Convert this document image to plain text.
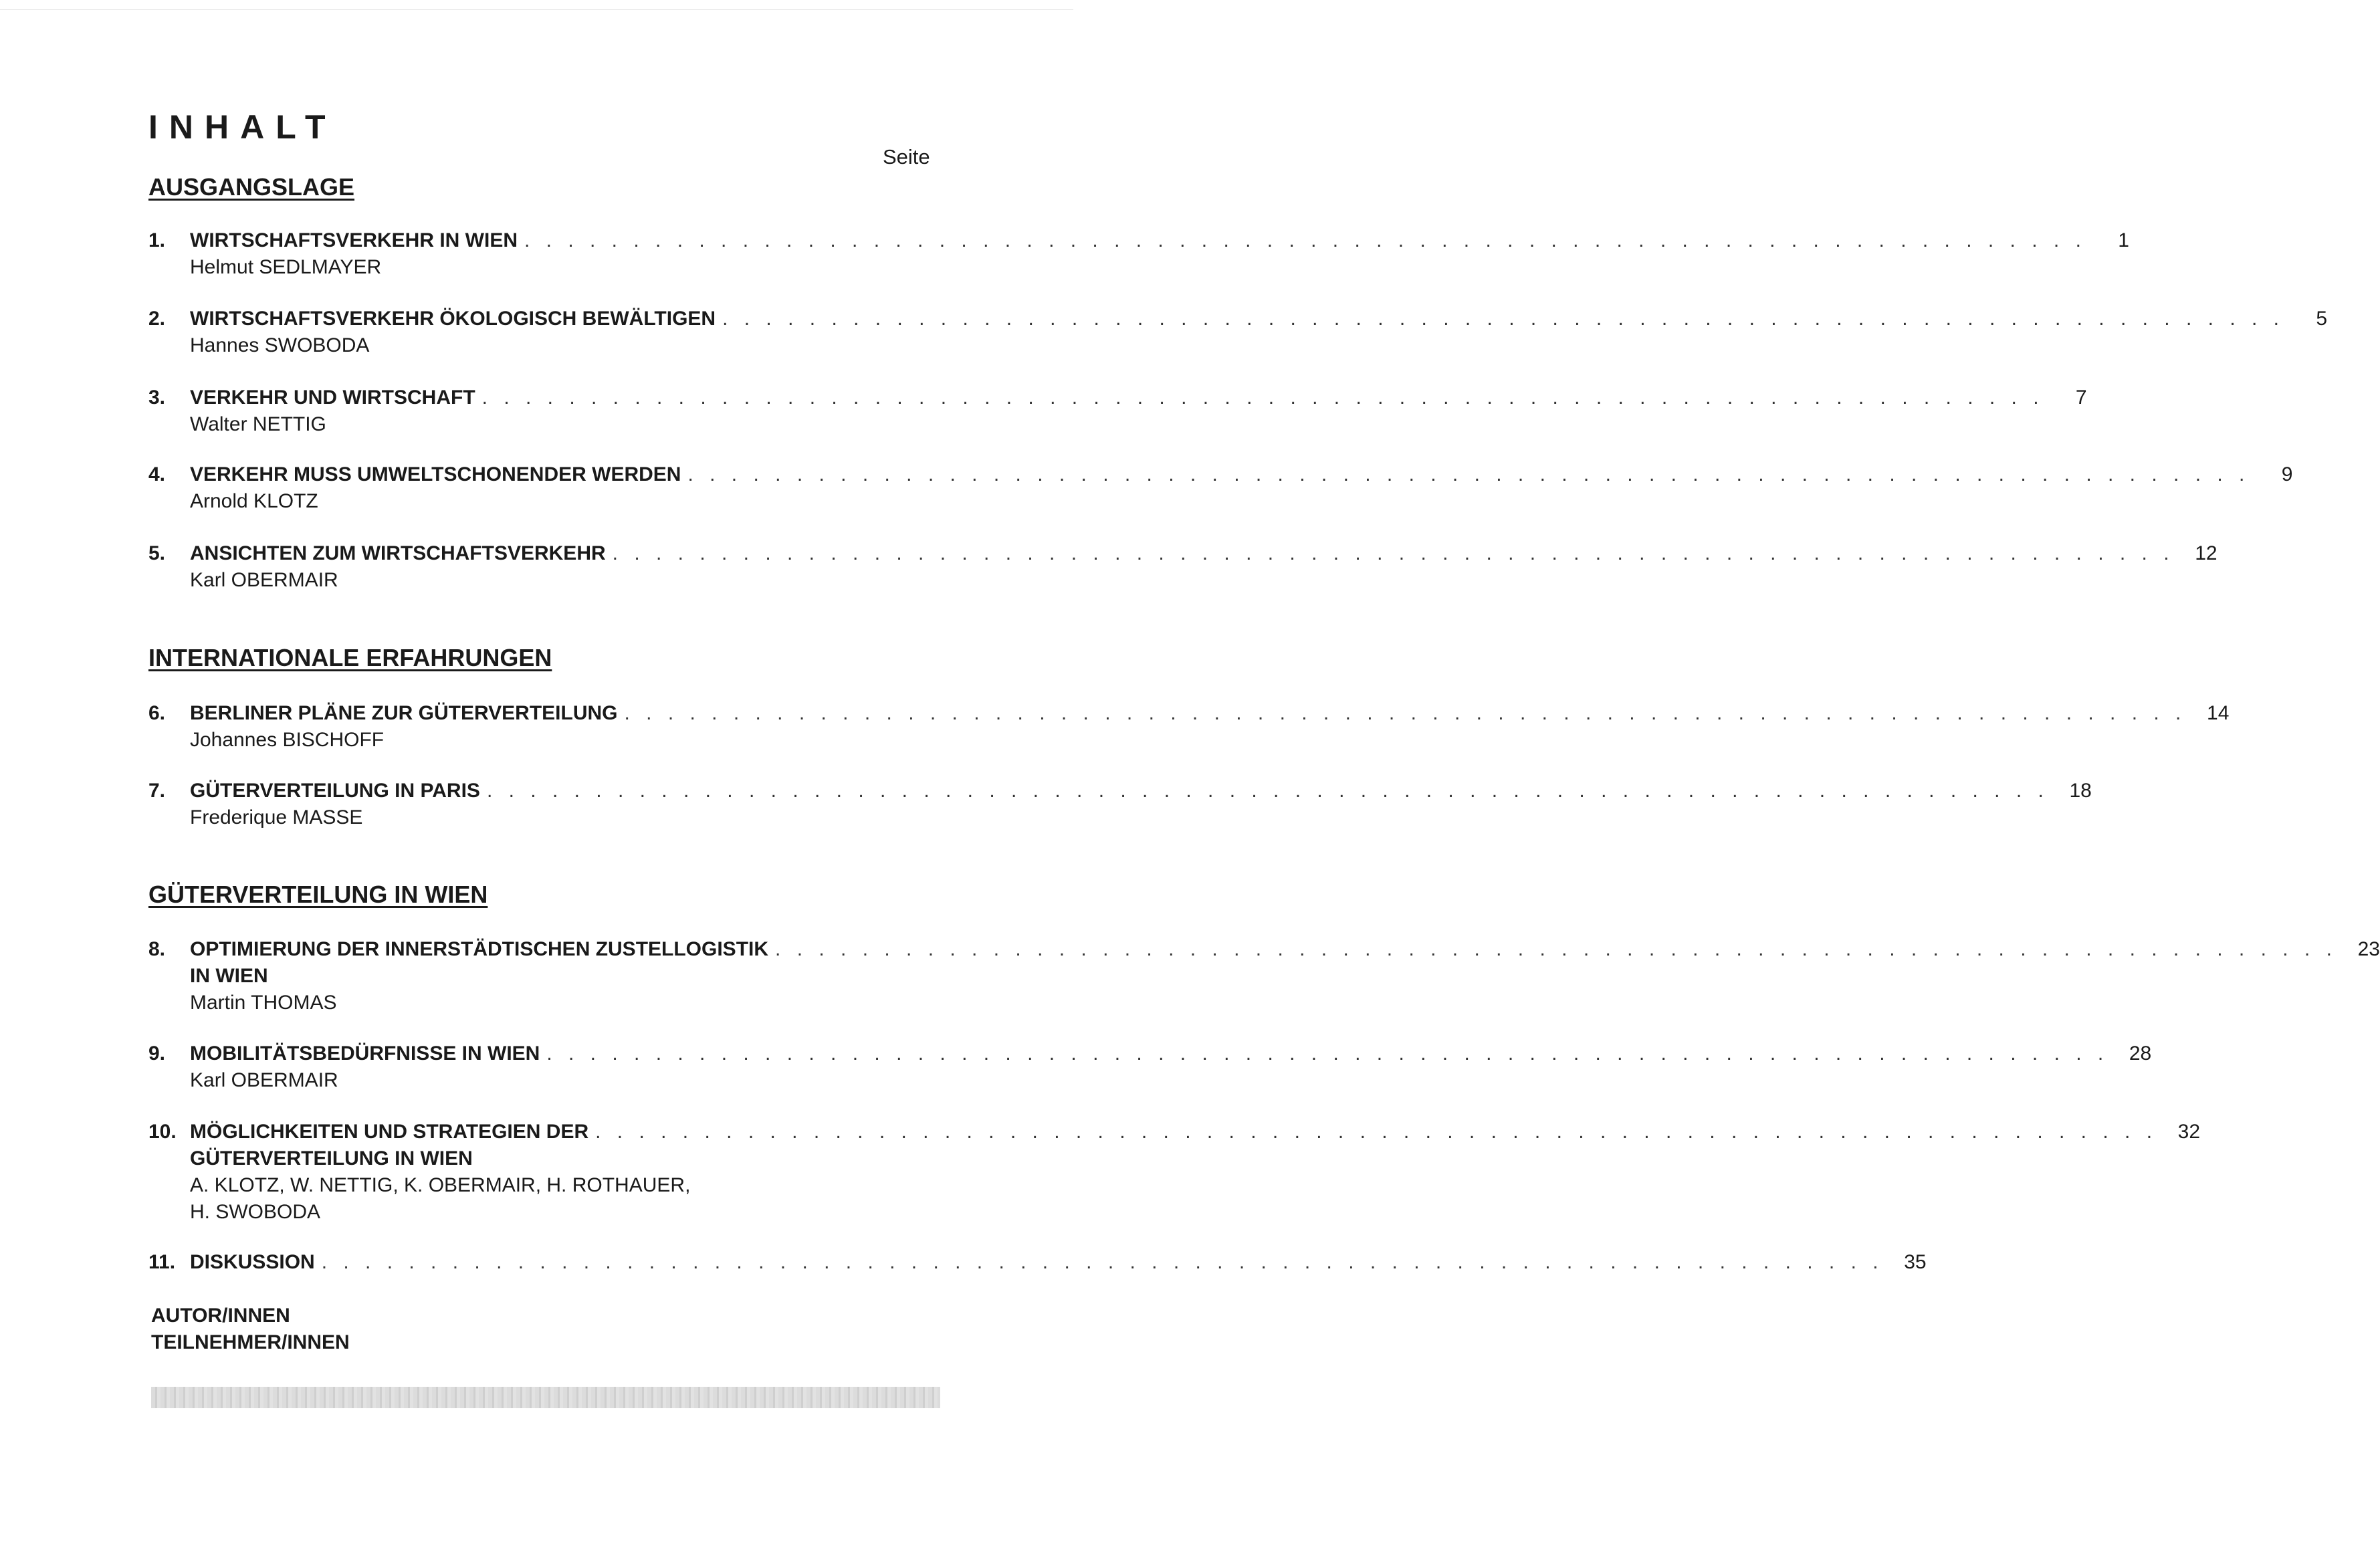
INHALT
Seite
AUSGANGSLAGE
1.	WIRTSCHAFTSVERKEHR IN WIEN . . . . . . . . . . . . . . . . . . . . . . . . . . . . . . . . . . . . . . . . . . . . . . . . . . . . . . . . . . . . . . . . . . . . . . . .	1
Helmut SEDLMAYER
2.	WIRTSCHAFTSVERKEHR ÖKOLOGISCH BEWÄLTIGEN . . . . . . . . . . . . . . . . . . . . . . . . . . . . . . . . . . . . . . . . . . . . . . . . . . . . . . . . . . . . . . . . . . . . . . . .	5
Hannes SWOBODA
3.	VERKEHR UND WIRTSCHAFT . . . . . . . . . . . . . . . . . . . . . . . . . . . . . . . . . . . . . . . . . . . . . . . . . . . . . . . . . . . . . . . . . . . . . . . .	7
Walter NETTIG
4.	VERKEHR MUSS UMWELTSCHONENDER WERDEN . . . . . . . . . . . . . . . . . . . . . . . . . . . . . . . . . . . . . . . . . . . . . . . . . . . . . . . . . . . . . . . . . . . . . . . .	9
Arnold KLOTZ
5.	ANSICHTEN ZUM WIRTSCHAFTSVERKEHR . . . . . . . . . . . . . . . . . . . . . . . . . . . . . . . . . . . . . . . . . . . . . . . . . . . . . . . . . . . . . . . . . . . . . . . .	12
Karl OBERMAIR
INTERNATIONALE ERFAHRUNGEN
6.	BERLINER PLÄNE ZUR GÜTERVERTEILUNG . . . . . . . . . . . . . . . . . . . . . . . . . . . . . . . . . . . . . . . . . . . . . . . . . . . . . . . . . . . . . . . . . . . . . . . .	14
Johannes BISCHOFF
7.	GÜTERVERTEILUNG IN PARIS . . . . . . . . . . . . . . . . . . . . . . . . . . . . . . . . . . . . . . . . . . . . . . . . . . . . . . . . . . . . . . . . . . . . . . . .	18
Frederique MASSE
GÜTERVERTEILUNG IN WIEN
8.	OPTIMIERUNG DER INNERSTÄDTISCHEN ZUSTELLOGISTIK . . . . . . . . . . . . . . . . . . . . . . . . . . . . . . . . . . . . . . . . . . . . . . . . . . . . . . . . . . . . . . . . . . . . . . . .	23
IN WIEN
Martin THOMAS
9.	MOBILITÄTSBEDÜRFNISSE IN WIEN . . . . . . . . . . . . . . . . . . . . . . . . . . . . . . . . . . . . . . . . . . . . . . . . . . . . . . . . . . . . . . . . . . . . . . . .	28
Karl OBERMAIR
10. MÖGLICHKEITEN UND STRATEGIEN DER . . . . . . . . . . . . . . . . . . . . . . . . . . . . . . . . . . . . . . . . . . . . . . . . . . . . . . . . . . . . . . . . . . . . . . . .	32
GÜTERVERTEILUNG IN WIEN
A. KLOTZ, W. NETTIG, K. OBERMAIR, H. ROTHAUER,
H. SWOBODA
11. DISKUSSION . . . . . . . . . . . . . . . . . . . . . . . . . . . . . . . . . . . . . . . . . . . . . . . . . . . . . . . . . . . . . . . . . . . . . . . .	35
AUTOR/INNEN
TEILNEHMER/INNEN
